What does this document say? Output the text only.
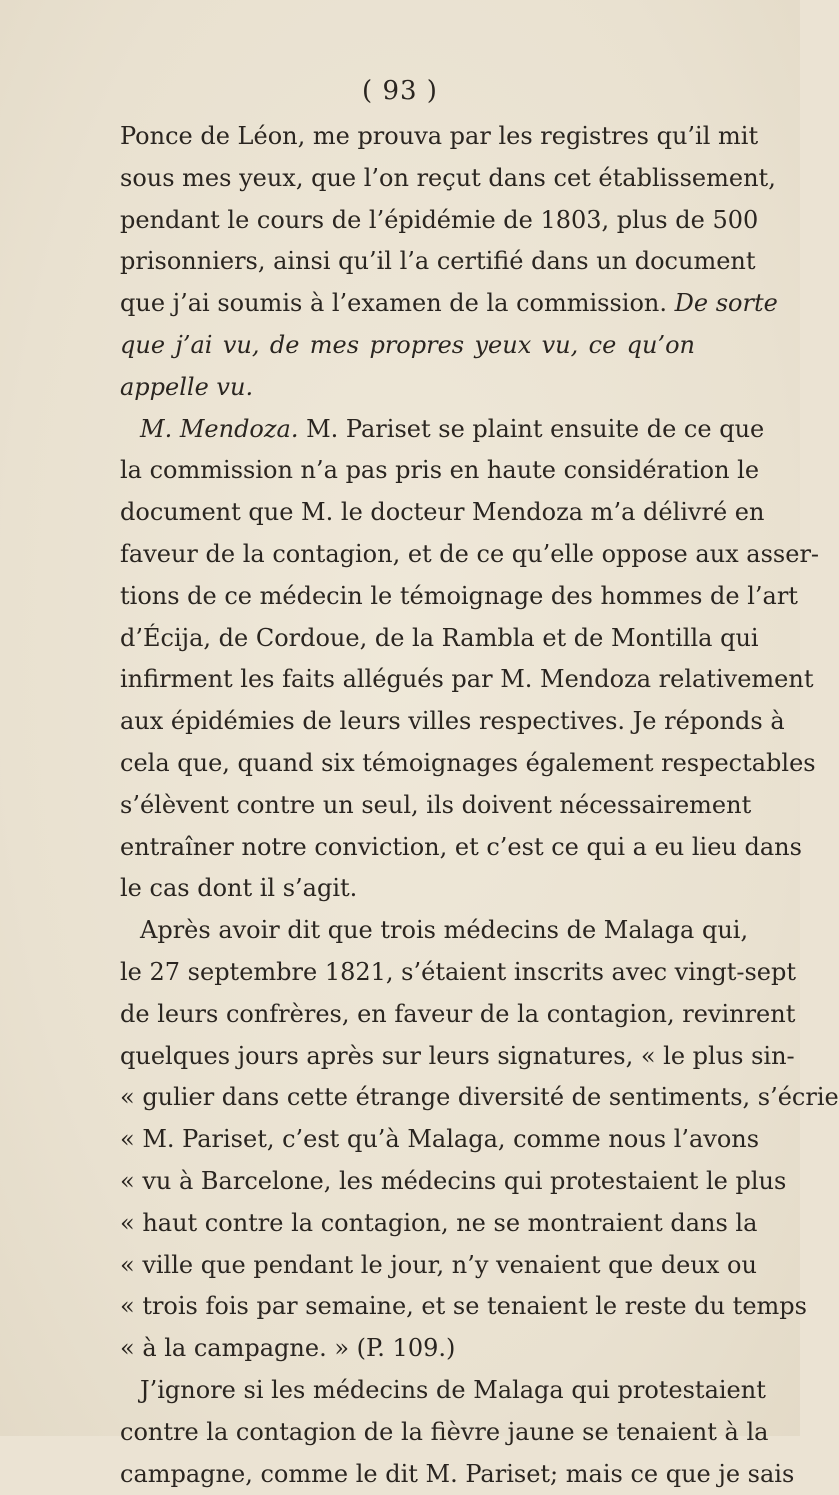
( 93 )
Ponce de Léon, me prouva par les registres qu’il mit
sous mes yeux, que l’on reçut dans cet établissement,
pendant le cours de l’épidémie de 1803, plus de 500
prisonniers, ainsi qu’il l’a certifié dans un document
que j’ai soumis à l’examen de la commission. De sorte
que j’ai vu, de mes propres yeux vu, ce qu’on
appelle vu.
M. Mendoza. M. Pariset se plaint ensuite de ce que
la commission n’a pas pris en haute considération le
document que M. le docteur Mendoza m’a délivré en
faveur de la contagion, et de ce qu’elle oppose aux asser-
tions de ce médecin le témoignage des hommes de l’art
d’Écija, de Cordoue, de la Rambla et de Montilla qui
infirment les faits allégués par M. Mendoza relativement
aux épidémies de leurs villes respectives. Je réponds à
cela que, quand six témoignages également respectables
s’élèvent contre un seul, ils doivent nécessairement
entraîner notre conviction, et c’est ce qui a eu lieu dans
le cas dont il s’agit.
Après avoir dit que trois médecins de Malaga qui,
le 27 septembre 1821, s’étaient inscrits avec vingt-sept
de leurs confrères, en faveur de la contagion, revinrent
quelques jours après sur leurs signatures, « le plus sin-
« gulier dans cette étrange diversité de sentiments, s’écrie
« M. Pariset, c’est qu’à Malaga, comme nous l’avons
« vu à Barcelone, les médecins qui protestaient le plus
« haut contre la contagion, ne se montraient dans la
« ville que pendant le jour, n’y venaient que deux ou
« trois fois par semaine, et se tenaient le reste du temps
« à la campagne. » (P. 109.)
J’ignore si les médecins de Malaga qui protestaient
contre la contagion de la fièvre jaune se tenaient à la
campagne, comme le dit M. Pariset; mais ce que je sais
